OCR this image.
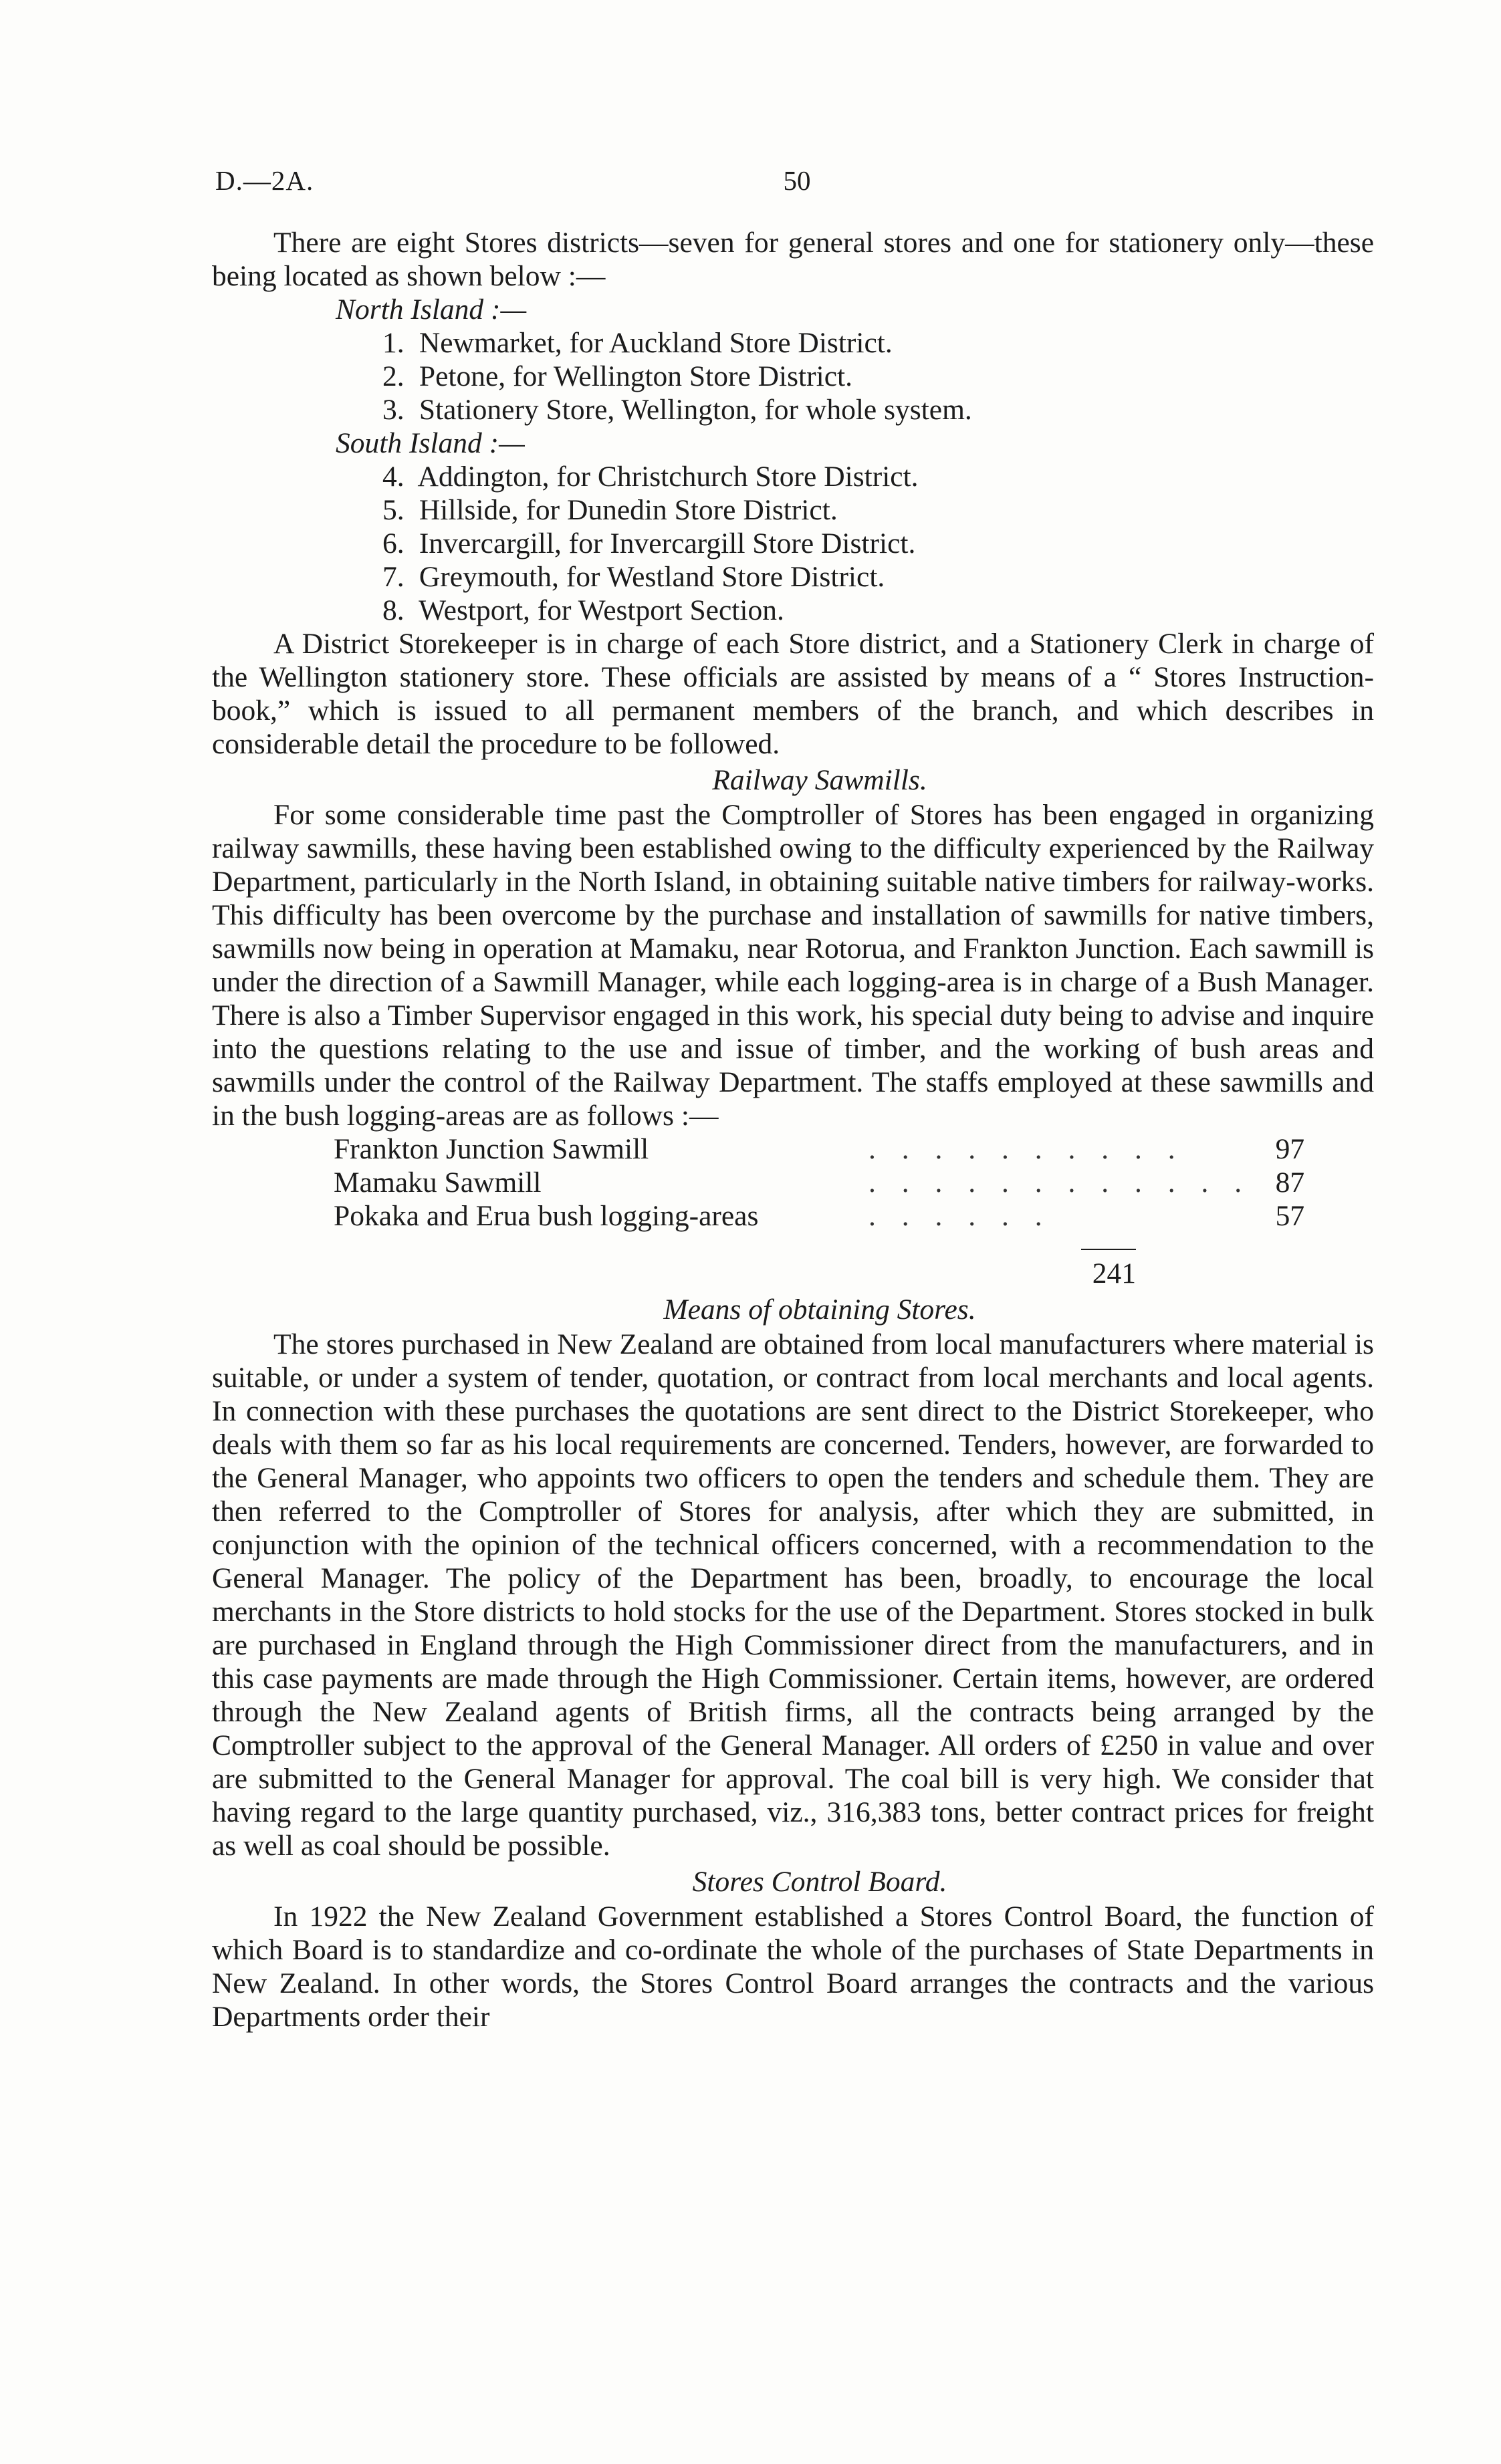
D.—2A.	50

There are eight Stores districts—seven for general stores and one for stationery only—these being located as shown below :—

North Island :—

1. Newmarket, for Auckland Store District.
2. Petone, for Wellington Store District.
3. Stationery Store, Wellington, for whole system.

South Island :—

4. Addington, for Christchurch Store District.
5. Hillside, for Dunedin Store District.
6. Invercargill, for Invercargill Store District.
7. Greymouth, for Westland Store District.
8. Westport, for Westport Section.

A District Storekeeper is in charge of each Store district, and a Stationery Clerk in charge of the Wellington stationery store. These officials are assisted by means of a “ Stores Instruction-book,” which is issued to all permanent members of the branch, and which describes in considerable detail the procedure to be followed.

Railway Sawmills.

For some considerable time past the Comptroller of Stores has been engaged in organizing railway sawmills, these having been established owing to the difficulty experienced by the Railway Department, particularly in the North Island, in obtaining suitable native timbers for railway-works. This difficulty has been overcome by the purchase and installation of sawmills for native timbers, sawmills now being in operation at Mamaku, near Rotorua, and Frankton Junction. Each sawmill is under the direction of a Sawmill Manager, while each logging-area is in charge of a Bush Manager. There is also a Timber Supervisor engaged in this work, his special duty being to advise and inquire into the questions relating to the use and issue of timber, and the working of bush areas and sawmills under the control of the Railway Department. The staffs employed at these sawmills and in the bush logging-areas are as follows :—

Frankton Junction Sawmill	. . . . . . . . . .	97
Mamaku Sawmill	. . . . . . . . . . . .	87
Pokaka and Erua bush logging-areas	. . . . . .	57
241
Means of obtaining Stores.

The stores purchased in New Zealand are obtained from local manufacturers where material is suitable, or under a system of tender, quotation, or contract from local merchants and local agents. In connection with these purchases the quotations are sent direct to the District Storekeeper, who deals with them so far as his local requirements are concerned. Tenders, however, are forwarded to the General Manager, who appoints two officers to open the tenders and schedule them. They are then referred to the Comptroller of Stores for analysis, after which they are submitted, in conjunction with the opinion of the technical officers concerned, with a recommendation to the General Manager. The policy of the Department has been, broadly, to encourage the local merchants in the Store districts to hold stocks for the use of the Department. Stores stocked in bulk are purchased in England through the High Commissioner direct from the manufacturers, and in this case payments are made through the High Commissioner. Certain items, however, are ordered through the New Zealand agents of British firms, all the contracts being arranged by the Comptroller subject to the approval of the General Manager. All orders of £250 in value and over are submitted to the General Manager for approval. The coal bill is very high. We consider that having regard to the large quantity purchased, viz., 316,383 tons, better contract prices for freight as well as coal should be possible.

Stores Control Board.

In 1922 the New Zealand Government established a Stores Control Board, the function of which Board is to standardize and co-ordinate the whole of the purchases of State Departments in New Zealand. In other words, the Stores Control Board arranges the contracts and the various Departments order their
